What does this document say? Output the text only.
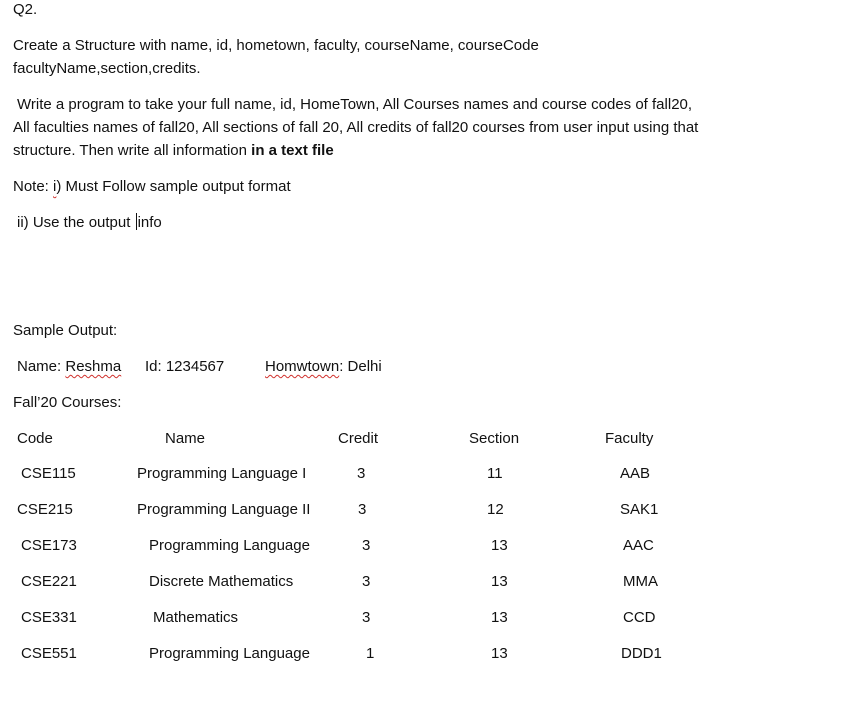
Q2.
Create a Structure with name, id, hometown, faculty, courseName, courseCode
facultyName,section,credits.
Write a program to take your full name, id, HomeTown, All Courses names and course codes of fall20,
All faculties names of fall20, All sections of fall 20, All credits of fall20 courses from user input using that
structure. Then write all information in a text file
Note: i) Must Follow sample output format
ii) Use the output info
Sample Output:
Name: Reshma Id: 1234567	Homwtown: Delhi
Fall’20 Courses:
Code	Name	Credit	Section	Faculty
CSE115	Programming Language I	3	11	AAB
CSE215	Programming Language II	3	12	SAK1
CSE173	Programming Language	3	13	AAC
CSE221	Discrete Mathematics	3	13	MMA
CSE331	Mathematics	3	13	CCD
CSE551	Programming Language	1	13	DDD1
